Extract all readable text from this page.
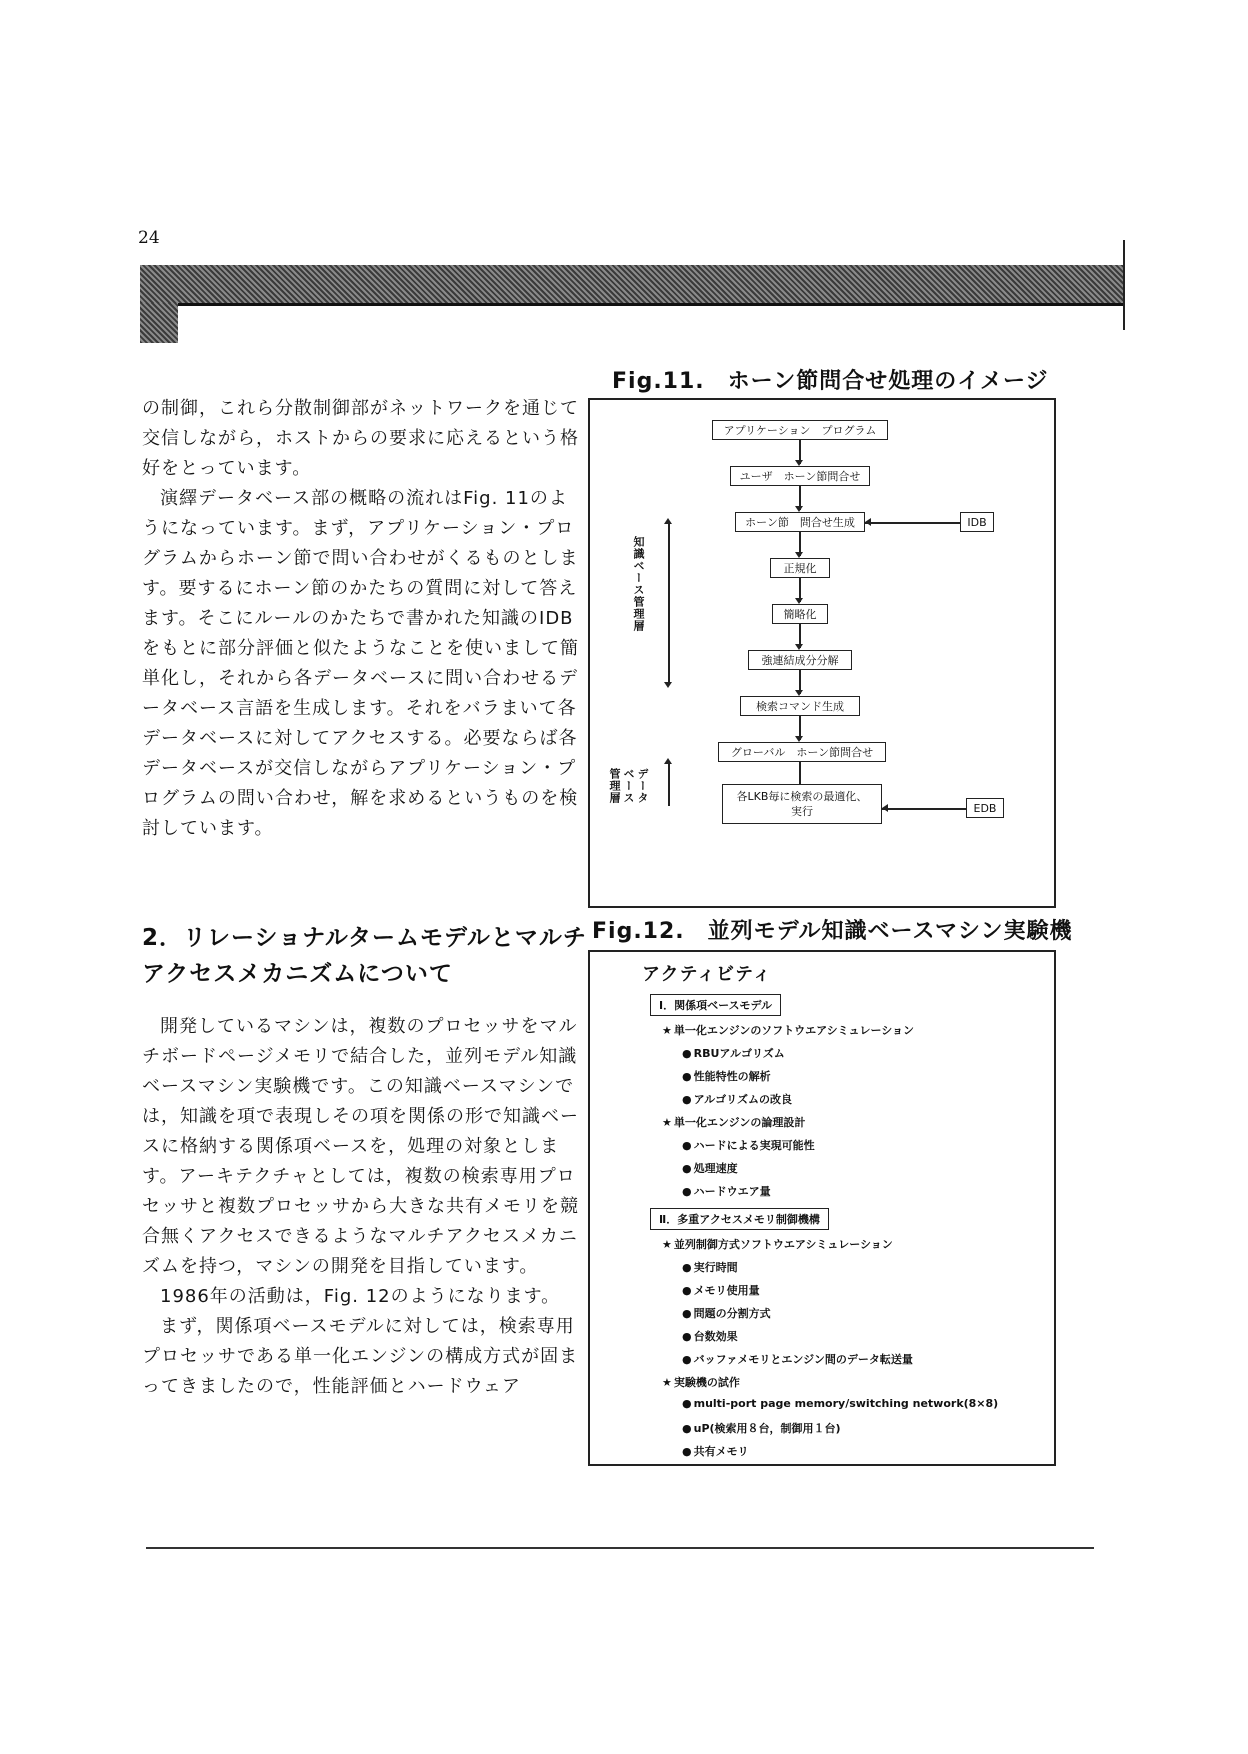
24

の制御，これら分散制御部がネットワークを通じて交信しながら，ホストからの要求に応えるという格好をとっています。

演繹データベース部の概略の流れはFig. 11のようになっています。まず，アプリケーション・プログラムからホーン節で問い合わせがくるものとします。要するにホーン節のかたちの質問に対して答えます。そこにルールのかたちで書かれた知識のIDBをもとに部分評価と似たようなことを使いまして簡単化し，それから各データベースに問い合わせるデータベース言語を生成します。それをバラまいて各データベースに対してアクセスする。必要ならば各データベースが交信しながらアプリケーション・プログラムの問い合わせ，解を求めるというものを検討しています。

2．リレーショナルタームモデルとマルチ
アクセスメカニズムについて

開発しているマシンは，複数のプロセッサをマルチボードページメモリで結合した，並列モデル知識ベースマシン実験機です。この知識ベースマシンでは，知識を項で表現しその項を関係の形で知識ベースに格納する関係項ベースを，処理の対象とします。アーキテクチャとしては，複数の検索専用プロセッサと複数プロセッサから大きな共有メモリを競合無くアクセスできるようなマルチアクセスメカニズムを持つ，マシンの開発を目指しています。

1986年の活動は，Fig. 12のようになります。

まず，関係項ベースモデルに対しては，検索専用プロセッサである単一化エンジンの構成方式が固まってきましたので，性能評価とハードウェア

Fig.11.　ホーン節問合せ処理のイメージ
アプリケーション　プログラム
ユーザ　ホーン節問合せ
ホーン節　問合せ生成	IDB
正規化
簡略化
強連結成分分解
検索コマンド生成
グローバル　ホーン節問合せ
各LKB毎に検索の最適化、
実行	EDB
知識ベース管理層
データ
ベース
管理層
Fig.12.　並列モデル知識ベースマシン実験機
アクティビティ
Ⅰ．関係項ベースモデル
★ 単一化エンジンのソフトウエアシミュレーション
● RBUアルゴリズム
● 性能特性の解析
● アルゴリズムの改良
★ 単一化エンジンの論理設計
● ハードによる実現可能性
● 処理速度
● ハードウエア量
Ⅱ．多重アクセスメモリ制御機構
★ 並列制御方式ソフトウエアシミュレーション
● 実行時間
● メモリ使用量
● 問題の分割方式
● 台数効果
● バッファメモリとエンジン間のデータ転送量
★ 実験機の試作
● multi-port page memory/switching network(8×8)
● uP(検索用８台，制御用１台)
● 共有メモリ
